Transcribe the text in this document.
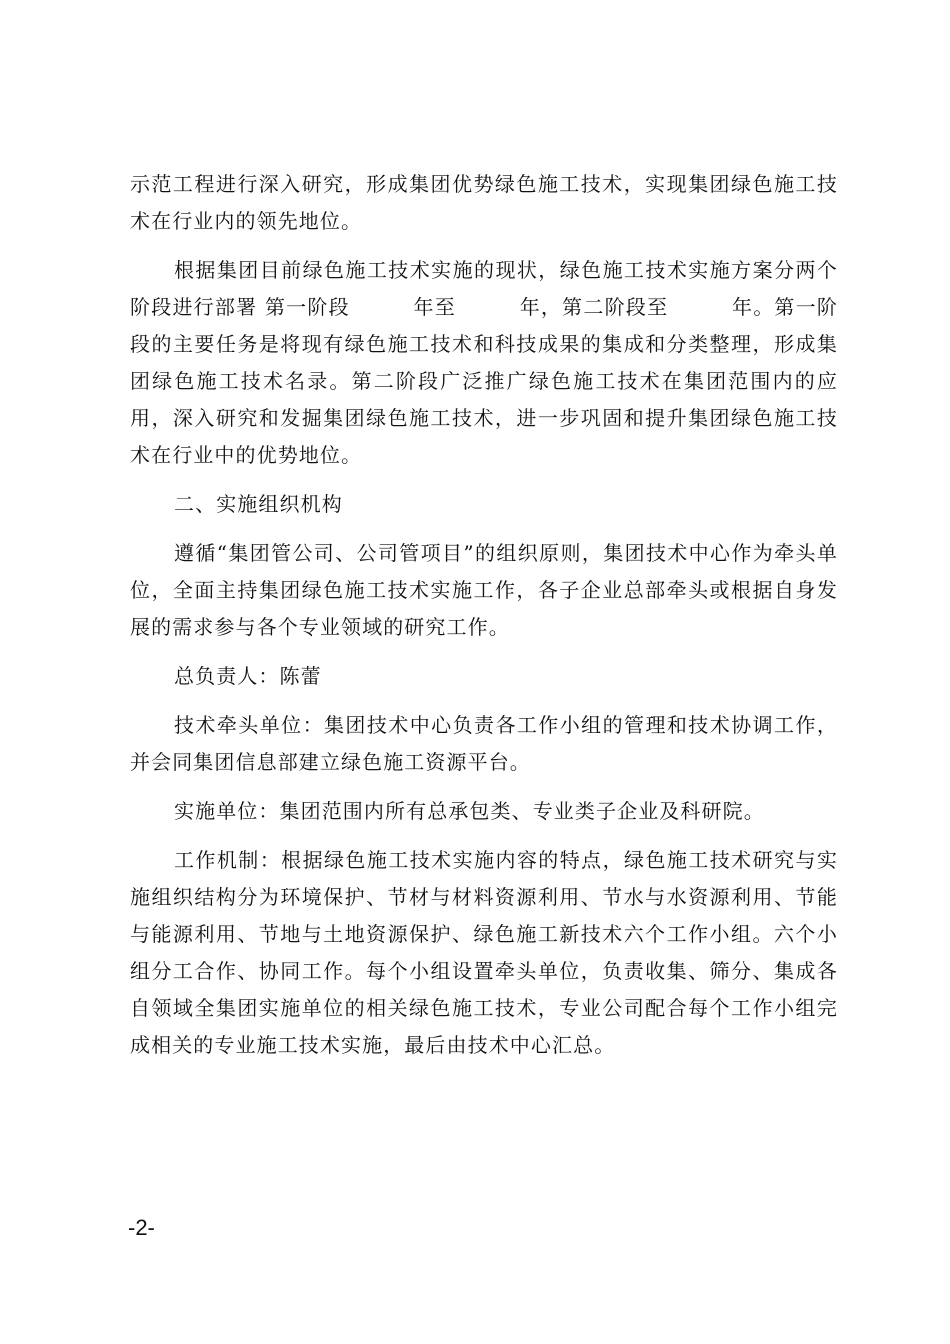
示范工程进行深入研究，形成集团优势绿色施工技术，实现集团绿色施工技术在行业内的领先地位。

根据集团目前绿色施工技术实施的现状，绿色施工技术实施方案分两个阶段进行部署 第一阶段　　　年至　　　年，第二阶段至　　　年。第一阶段的主要任务是将现有绿色施工技术和科技成果的集成和分类整理，形成集团绿色施工技术名录。第二阶段广泛推广绿色施工技术在集团范围内的应用，深入研究和发掘集团绿色施工技术，进一步巩固和提升集团绿色施工技术在行业中的优势地位。

二、实施组织机构

遵循“集团管公司、公司管项目”的组织原则，集团技术中心作为牵头单位，全面主持集团绿色施工技术实施工作，各子企业总部牵头或根据自身发展的需求参与各个专业领域的研究工作。

总负责人：陈蕾

技术牵头单位：集团技术中心负责各工作小组的管理和技术协调工作，并会同集团信息部建立绿色施工资源平台。

实施单位：集团范围内所有总承包类、专业类子企业及科研院。

工作机制：根据绿色施工技术实施内容的特点，绿色施工技术研究与实施组织结构分为环境保护、节材与材料资源利用、节水与水资源利用、节能与能源利用、节地与土地资源保护、绿色施工新技术六个工作小组。六个小组分工合作、协同工作。每个小组设置牵头单位，负责收集、筛分、集成各自领域全集团实施单位的相关绿色施工技术，专业公司配合每个工作小组完成相关的专业施工技术实施，最后由技术中心汇总。

-2-
